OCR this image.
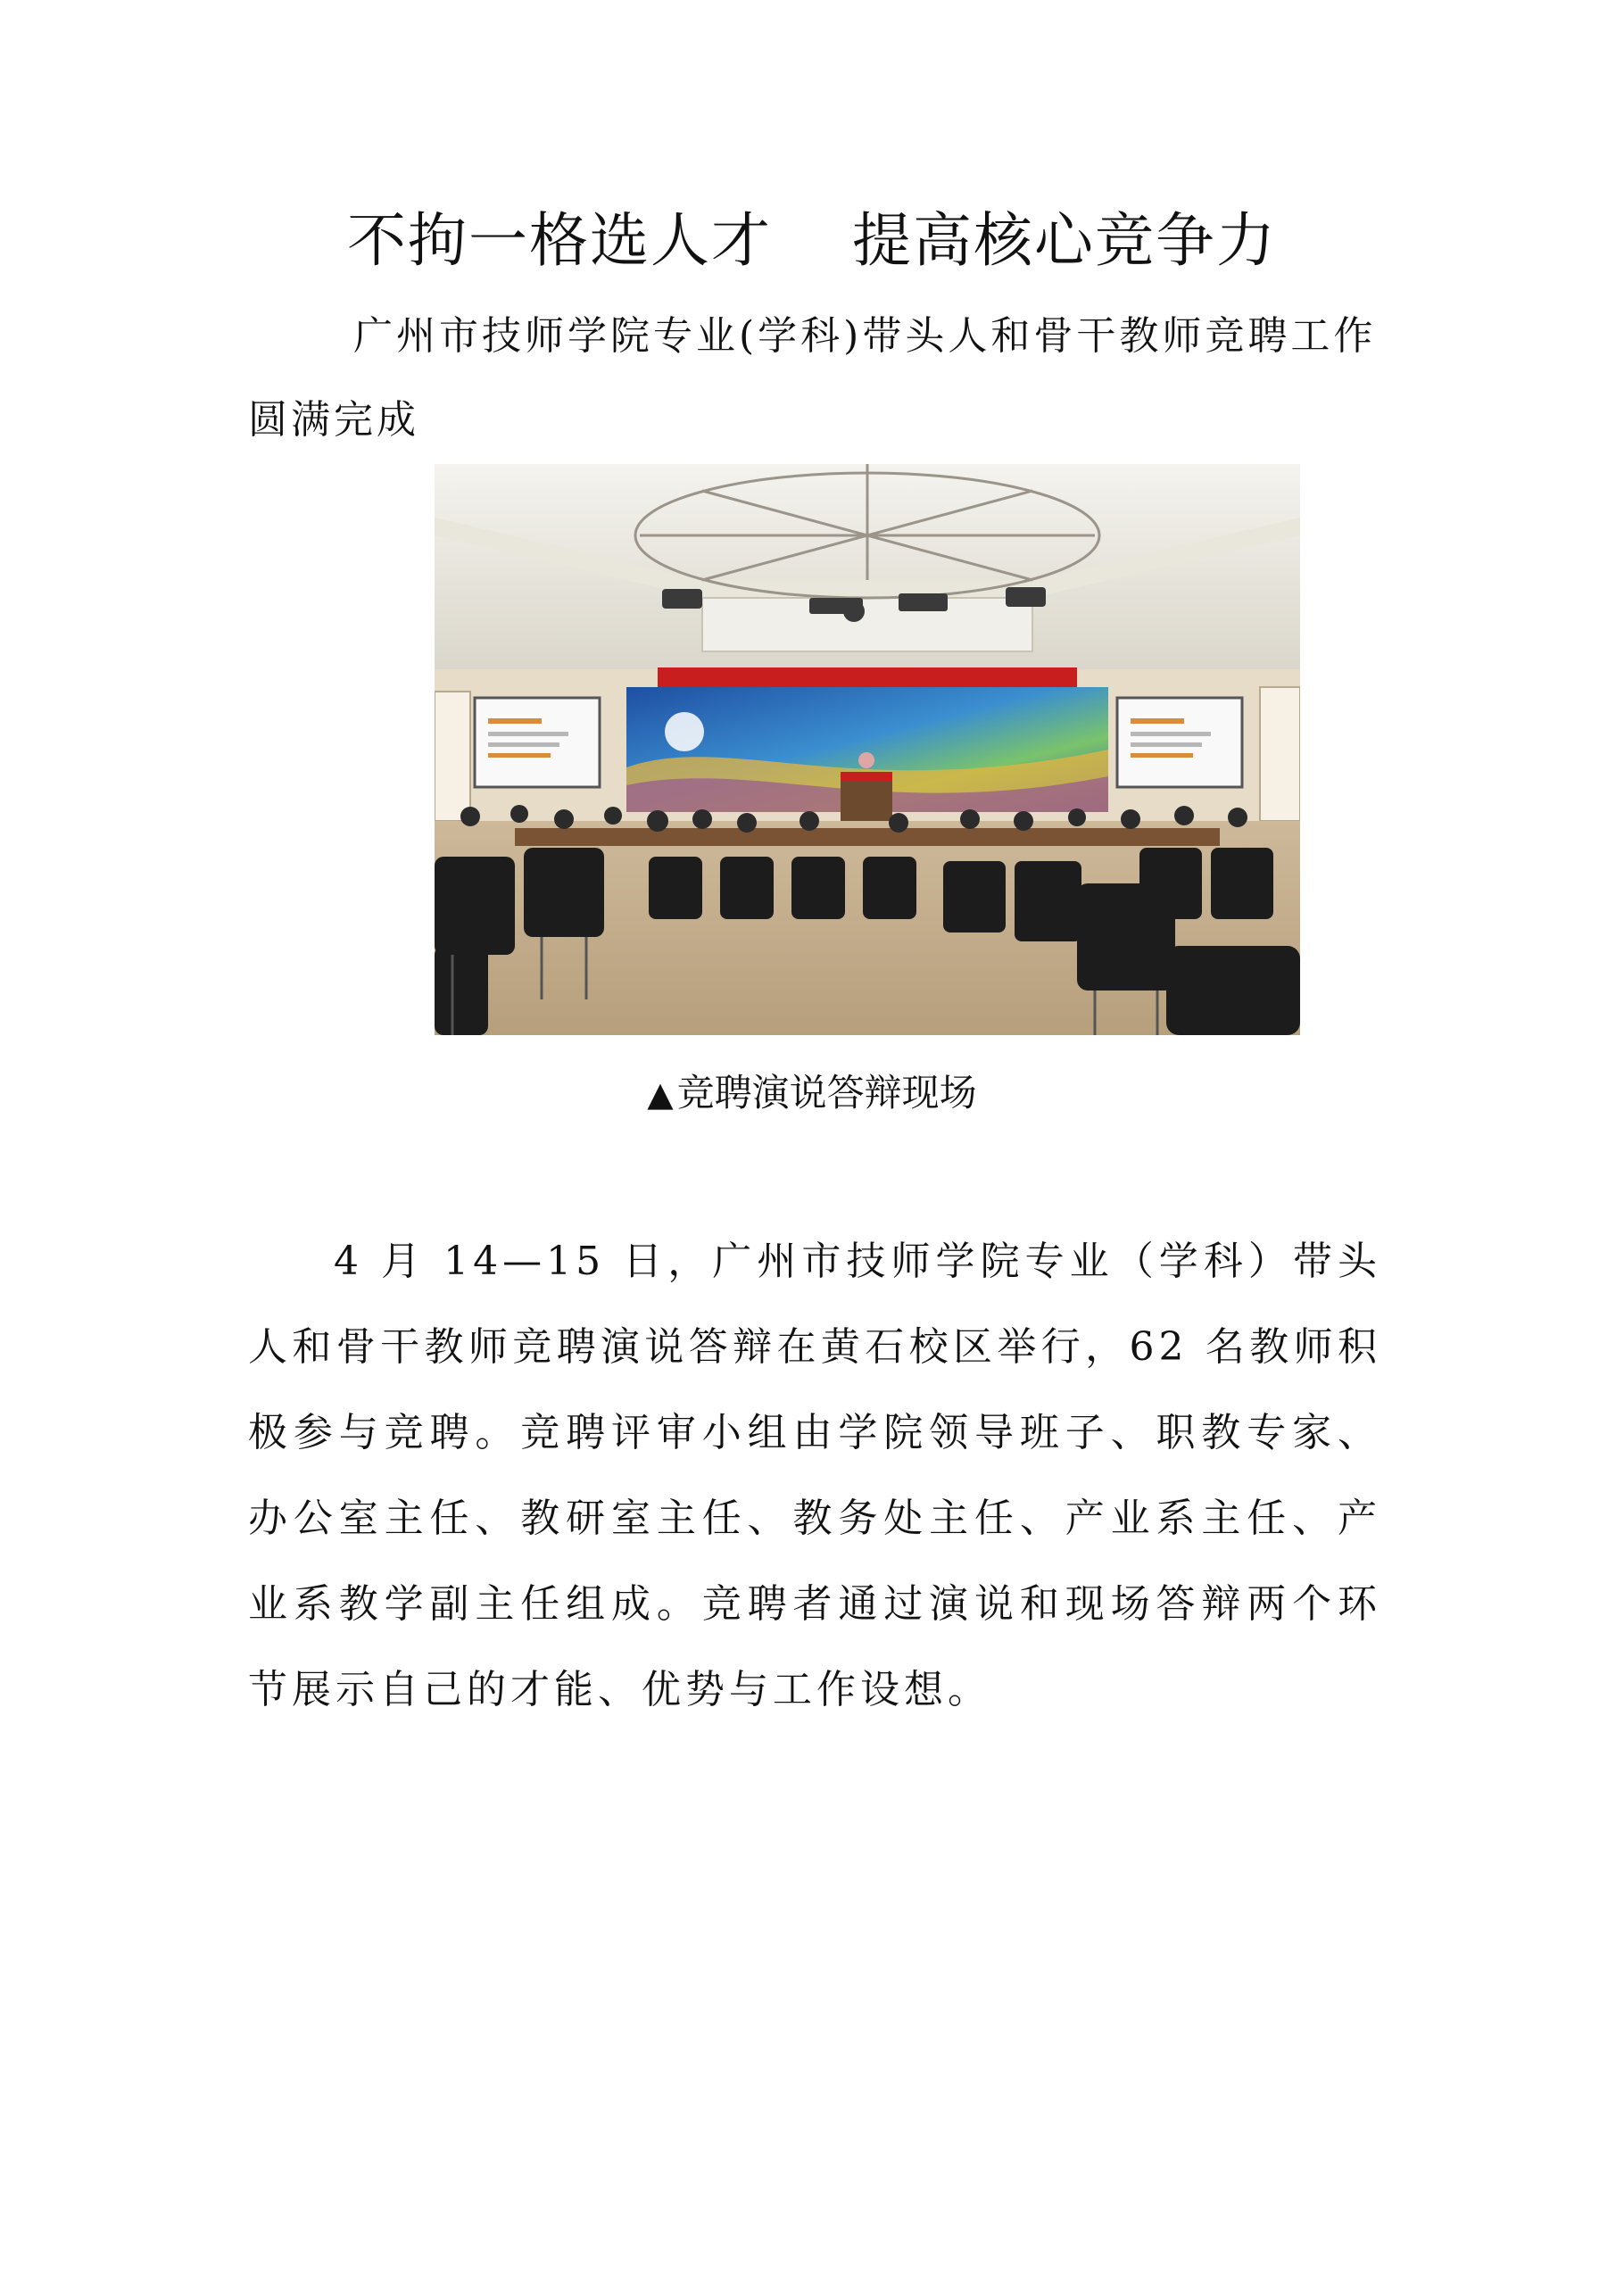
不拘一格选人才 提高核心竞争力
广州市技师学院专业(学科)带头人和骨干教师竞聘工作圆满完成
▲竞聘演说答辩现场
4 月 14—15 日，广州市技师学院专业（学科）带头人和骨干教师竞聘演说答辩在黄石校区举行，62 名教师积极参与竞聘。竞聘评审小组由学院领导班子、职教专家、办公室主任、教研室主任、教务处主任、产业系主任、产业系教学副主任组成。竞聘者通过演说和现场答辩两个环节展示自己的才能、优势与工作设想。
